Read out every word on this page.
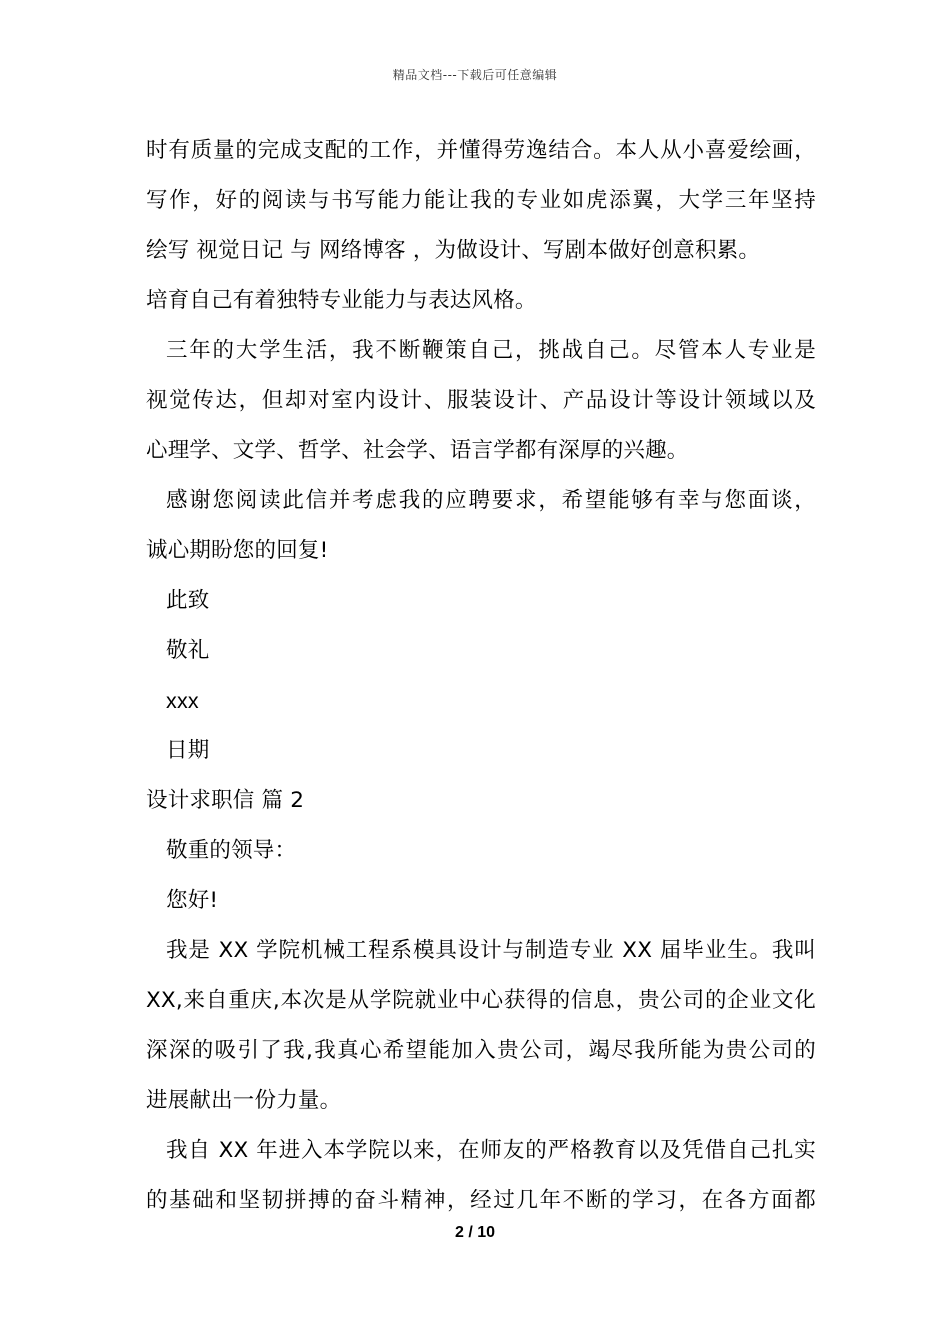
精品文档---下载后可任意编辑
时有质量的完成支配的工作，并懂得劳逸结合。本人从小喜爱绘画，
写作，好的阅读与书写能力能让我的专业如虎添翼，大学三年坚持
绘写 视觉日记 与 网络博客 ，为做设计、写剧本做好创意积累。
培育自己有着独特专业能力与表达风格。
三年的大学生活，我不断鞭策自己，挑战自己。尽管本人专业是
视觉传达，但却对室内设计、服装设计、产品设计等设计领域以及
心理学、文学、哲学、社会学、语言学都有深厚的兴趣。
感谢您阅读此信并考虑我的应聘要求，希望能够有幸与您面谈，
诚心期盼您的回复!
此致
敬礼
xxx
日期
设计求职信 篇 2
敬重的领导：
您好!
我是 XX 学院机械工程系模具设计与制造专业 XX 届毕业生。我叫
XX,来自重庆,本次是从学院就业中心获得的信息，贵公司的企业文化
深深的吸引了我,我真心希望能加入贵公司，竭尽我所能为贵公司的
进展献出一份力量。
我自 XX 年进入本学院以来，在师友的严格教育以及凭借自己扎实
的基础和坚韧拼搏的奋斗精神，经过几年不断的学习，在各方面都
2 / 10
